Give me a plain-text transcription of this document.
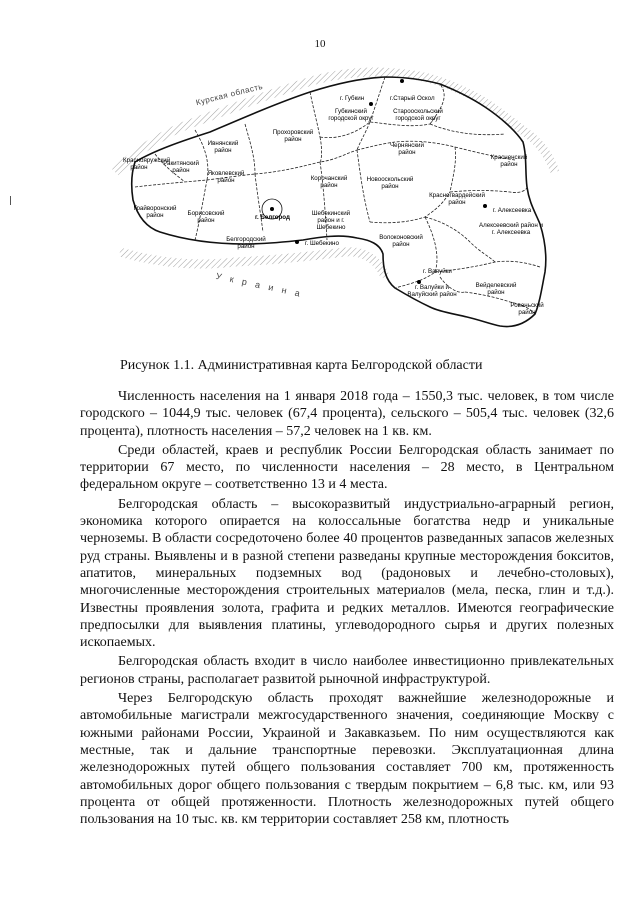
10
Курская область
У к р а и н а
г. Губкин	г.Старый Оскол
Губкинский городской округ
Старооскольский городской округ
Ивнянский район
Прохоровский район
Чернянский район
Красненский район
Краснояружский район
Ракитянский район	Яковлевский район	Корочанский район
Новооскольский район
Красногвардейский район
г. Алексеевка
Грайворонский район	Борисовский район	г. Белгород
Шебекинский район и г. Шебекино	Алексеевский район и г. Алексеевка
Белгородский район	г. Шебекино
Волоконовский район
г. Валуйки
Вейделевский район
г. Валуйки и Валуйский район
Ровеньский район
Рисунок 1.1. Административная карта Белгородской области

Численность населения на 1 января 2018 года – 1550,3 тыс. человек, в том числе городского – 1044,9 тыс. человек (67,4 процента), сельского – 505,4 тыс. человек (32,6 процента), плотность населения – 57,2 человек на 1 кв. км.

Среди областей, краев и республик России Белгородская область занимает по территории 67 место, по численности населения – 28 место, в Центральном федеральном округе – соответственно 13 и 4 места.

Белгородская область – высокоразвитый индустриально-аграрный регион, экономика которого опирается на колоссальные богатства недр и уникальные черноземы. В области сосредоточено более 40 процентов разведанных запасов железных руд страны. Выявлены и в разной степени разведаны крупные месторождения бокситов, апатитов, минеральных подземных вод (радоновых и лечебно-столовых), многочисленные месторождения строительных материалов (мела, песка, глин и т.д.). Известны проявления золота, графита и редких металлов. Имеются географические предпосылки для выявления платины, углеводородного сырья и других полезных ископаемых.

Белгородская область входит в число наиболее инвестиционно привлекательных регионов страны, располагает развитой рыночной инфраструктурой.

Через Белгородскую область проходят важнейшие железнодорожные и автомобильные магистрали межгосударственного значения, соединяющие Москву с южными районами России, Украиной и Закавказьем. По ним осуществляются как местные, так и дальние транспортные перевозки. Эксплуатационная длина железнодорожных путей общего пользования составляет 700 км, протяженность автомобильных дорог общего пользования с твердым покрытием – 6,8 тыс. км, или 93 процента от общей протяженности. Плотность железнодорожных путей общего пользования на 10 тыс. кв. км территории составляет 258 км, плотность
